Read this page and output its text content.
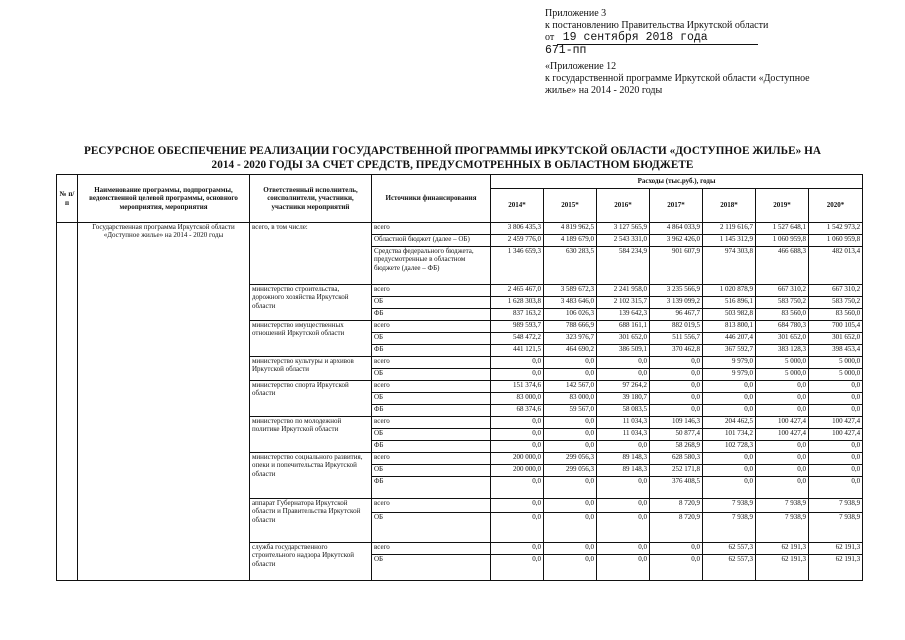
Приложение 3
к постановлению Правительства Иркутской области
от 19 сентября 2018 года
671-пп
«Приложение 12
к государственной программе Иркутской области «Доступное
жилье» на 2014 - 2020 годы
РЕСУРСНОЕ ОБЕСПЕЧЕНИЕ РЕАЛИЗАЦИИ ГОСУДАРСТВЕННОЙ ПРОГРАММЫ ИРКУТСКОЙ ОБЛАСТИ «ДОСТУПНОЕ ЖИЛЬЕ» НА
2014 - 2020 ГОДЫ ЗА СЧЕТ СРЕДСТВ, ПРЕДУСМОТРЕННЫХ В ОБЛАСТНОМ БЮДЖЕТЕ
№ п/п	Наименование программы, подпрограммы, ведомственной целевой программы, основного мероприятия, мероприятия	Ответственный исполнитель, соисполнители, участники, участники мероприятий	Источники финансирования	Расходы (тыс.руб.), годы						
				2014*	2015*	2016*	2017*	2018*	2019*	2020*
	Государственная программа Иркутской области «Доступное жилье» на 2014 - 2020 годы	всего, в том числе:	всего	3 806 435,3	4 819 962,5	3 127 565,9	4 864 033,9	2 119 616,7	1 527 648,1	1 542 973,2
			Областной бюджет (далее – ОБ)	2 459 776,0	4 189 679,0	2 543 331,0	3 962 426,0	1 145 312,9	1 060 959,8	1 060 959,8
			Средства федерального бюджета, предусмотренные в областном бюджете (далее – ФБ)	1 346 659,3	630 283,5	584 234,9	901 607,9	974 303,8	466 688,3	482 013,4
		министерство строительства, дорожного хозяйства Иркутской области	всего	2 465 467,0	3 589 672,3	2 241 958,0	3 235 566,9	1 020 878,9	667 310,2	667 310,2
			ОБ	1 628 303,8	3 483 646,0	2 102 315,7	3 139 099,2	516 896,1	583 750,2	583 750,2
			ФБ	837 163,2	106 026,3	139 642,3	96 467,7	503 982,8	83 560,0	83 560,0
		министерство имущественных отношений Иркутской области	всего	989 593,7	788 666,9	688 161,1	882 019,5	813 800,1	684 780,3	700 105,4
			ОБ	548 472,2	323 976,7	301 652,0	511 556,7	446 207,4	301 652,0	301 652,0
			ФБ	441 121,5	464 690,2	386 509,1	370 462,8	367 592,7	383 128,3	398 453,4
		министерство культуры и архивов Иркутской области	всего	0,0	0,0	0,0	0,0	9 979,0	5 000,0	5 000,0
			ОБ	0,0	0,0	0,0	0,0	9 979,0	5 000,0	5 000,0
		министерство спорта Иркутской области	всего	151 374,6	142 567,0	97 264,2	0,0	0,0	0,0	0,0
			ОБ	83 000,0	83 000,0	39 180,7	0,0	0,0	0,0	0,0
			ФБ	68 374,6	59 567,0	58 083,5	0,0	0,0	0,0	0,0
		министерство по молодежной политике Иркутской области	всего	0,0	0,0	11 034,3	109 146,3	204 462,5	100 427,4	100 427,4
			ОБ	0,0	0,0	11 034,3	50 877,4	101 734,2	100 427,4	100 427,4
			ФБ	0,0	0,0	0,0	58 268,9	102 728,3	0,0	0,0
		министерство социального развития, опеки и попечительства Иркутской области	всего	200 000,0	299 056,3	89 148,3	628 580,3	0,0	0,0	0,0
			ОБ	200 000,0	299 056,3	89 148,3	252 171,8	0,0	0,0	0,0
			ФБ	0,0	0,0	0,0	376 408,5	0,0	0,0	0,0
		аппарат Губернатора Иркутской области и Правительства Иркутской области	всего	0,0	0,0	0,0	8 720,9	7 938,9	7 938,9	7 938,9
			ОБ	0,0	0,0	0,0	8 720,9	7 938,9	7 938,9	7 938,9
		служба государственного строительного надзора Иркутской области	всего	0,0	0,0	0,0	0,0	62 557,3	62 191,3	62 191,3
			ОБ	0,0	0,0	0,0	0,0	62 557,3	62 191,3	62 191,3
